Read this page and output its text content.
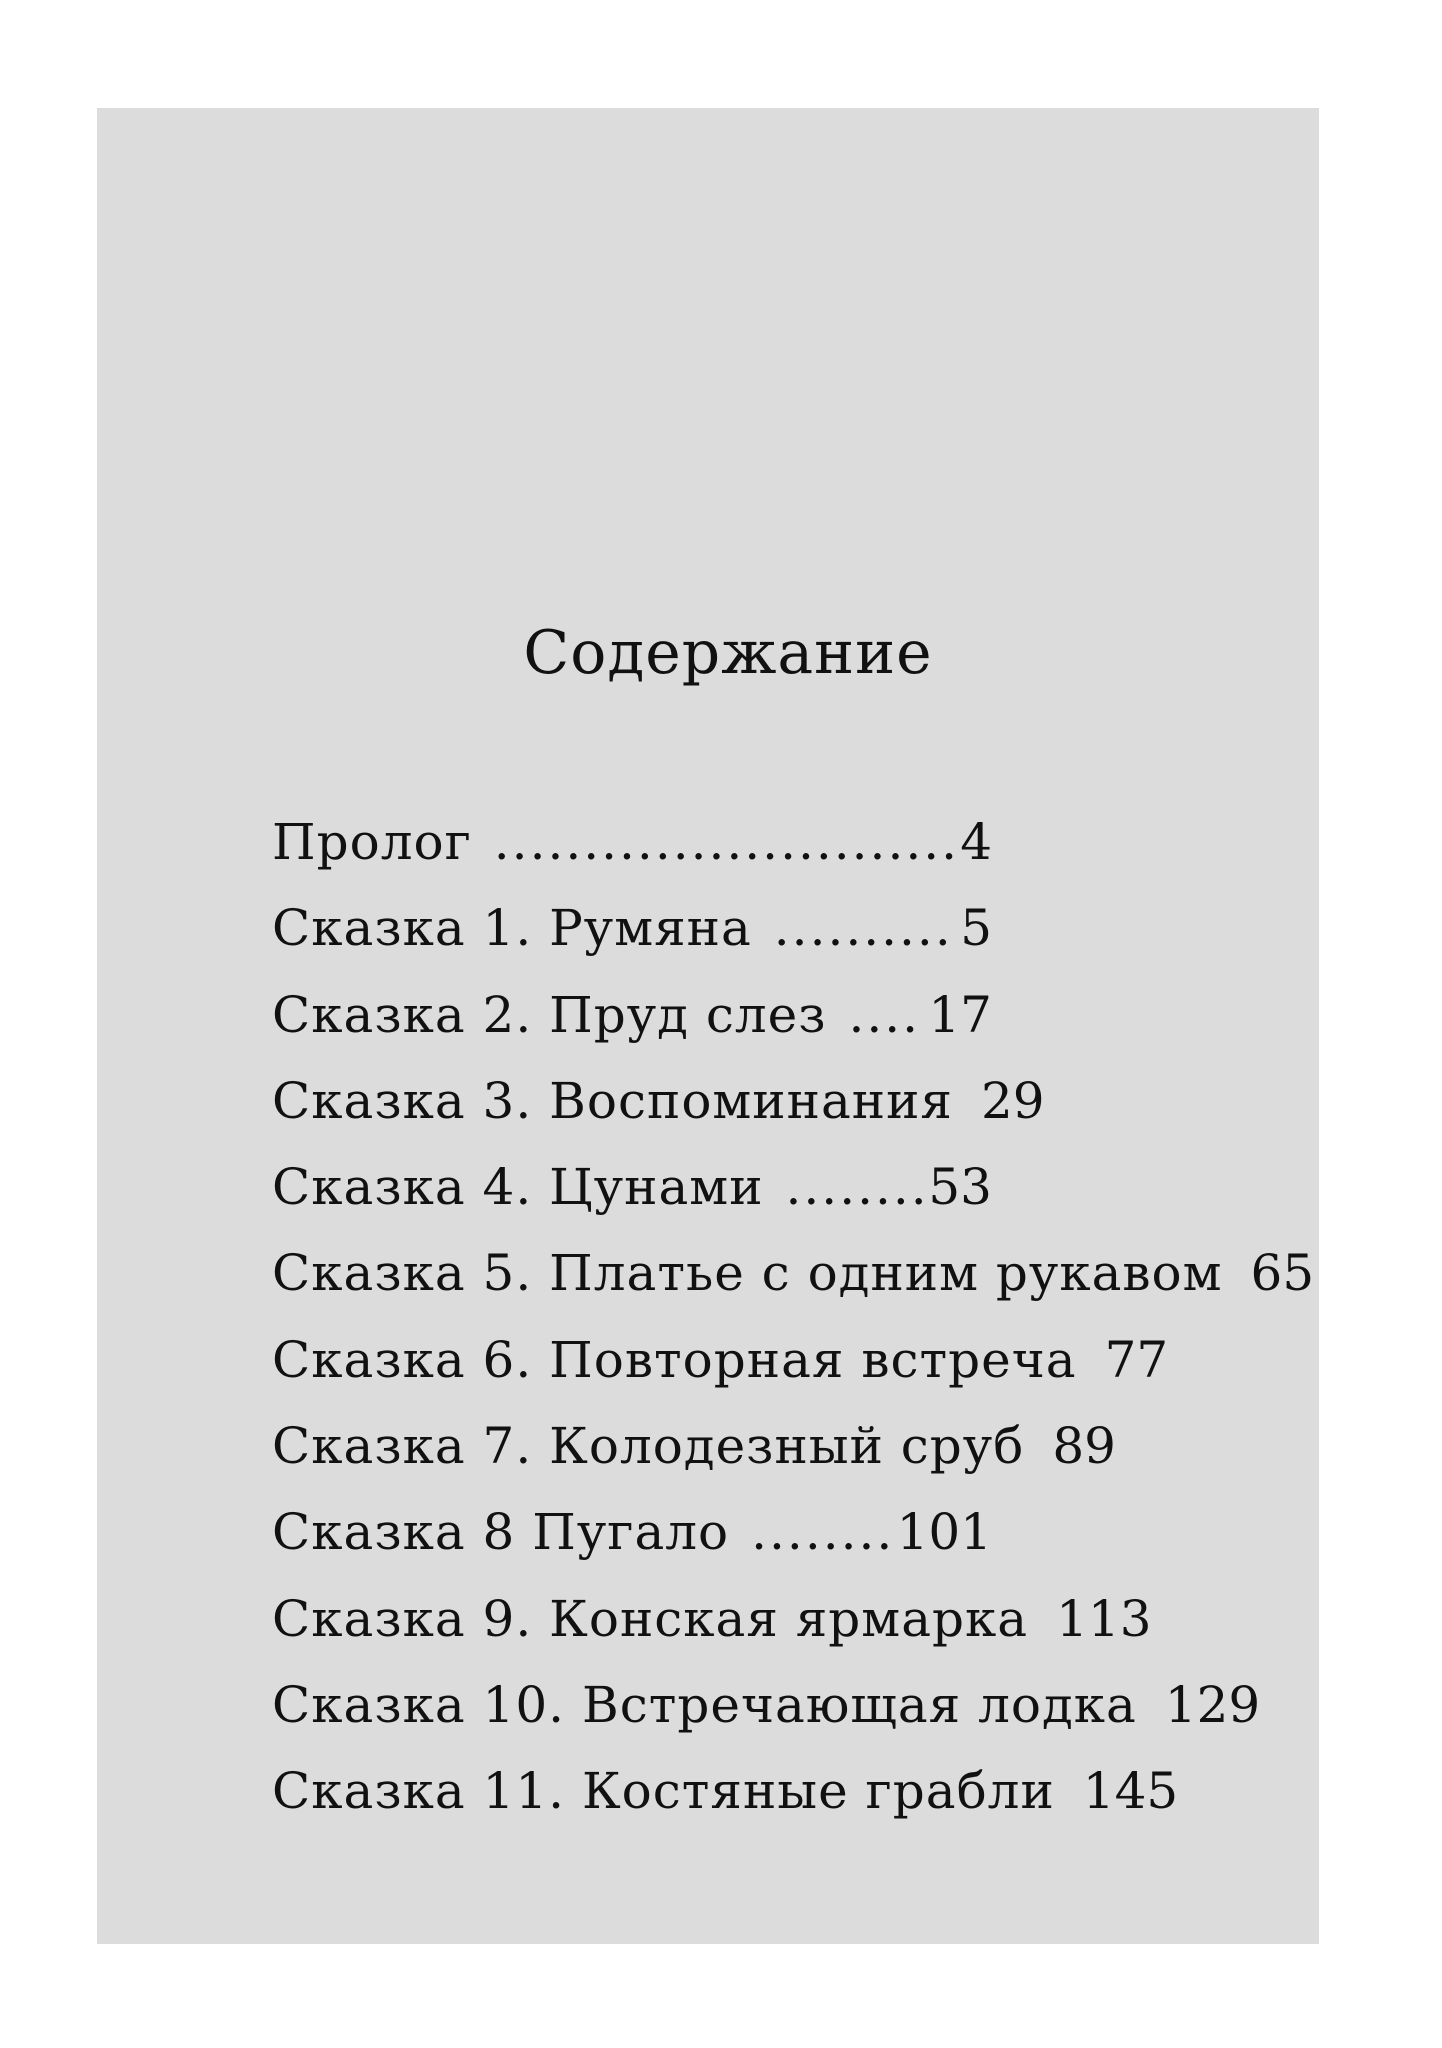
Содержание
Пролог .....	4
Сказка 1. Румяна .....	5
Сказка 2. Пруд слез ..... 17
Сказка 3. Воспоминания 29
Сказка 4. Цунами .....	53
Сказка 5. Платье с одним рукавом 65
Сказка 6. Повторная встреча 77
Сказка 7. Колодезный сруб 89
Сказка 8 Пугало .....	101
Сказка 9. Конская ярмарка 113
Сказка 10. Встречающая лодка 129
Сказка 11. Костяные грабли 145
